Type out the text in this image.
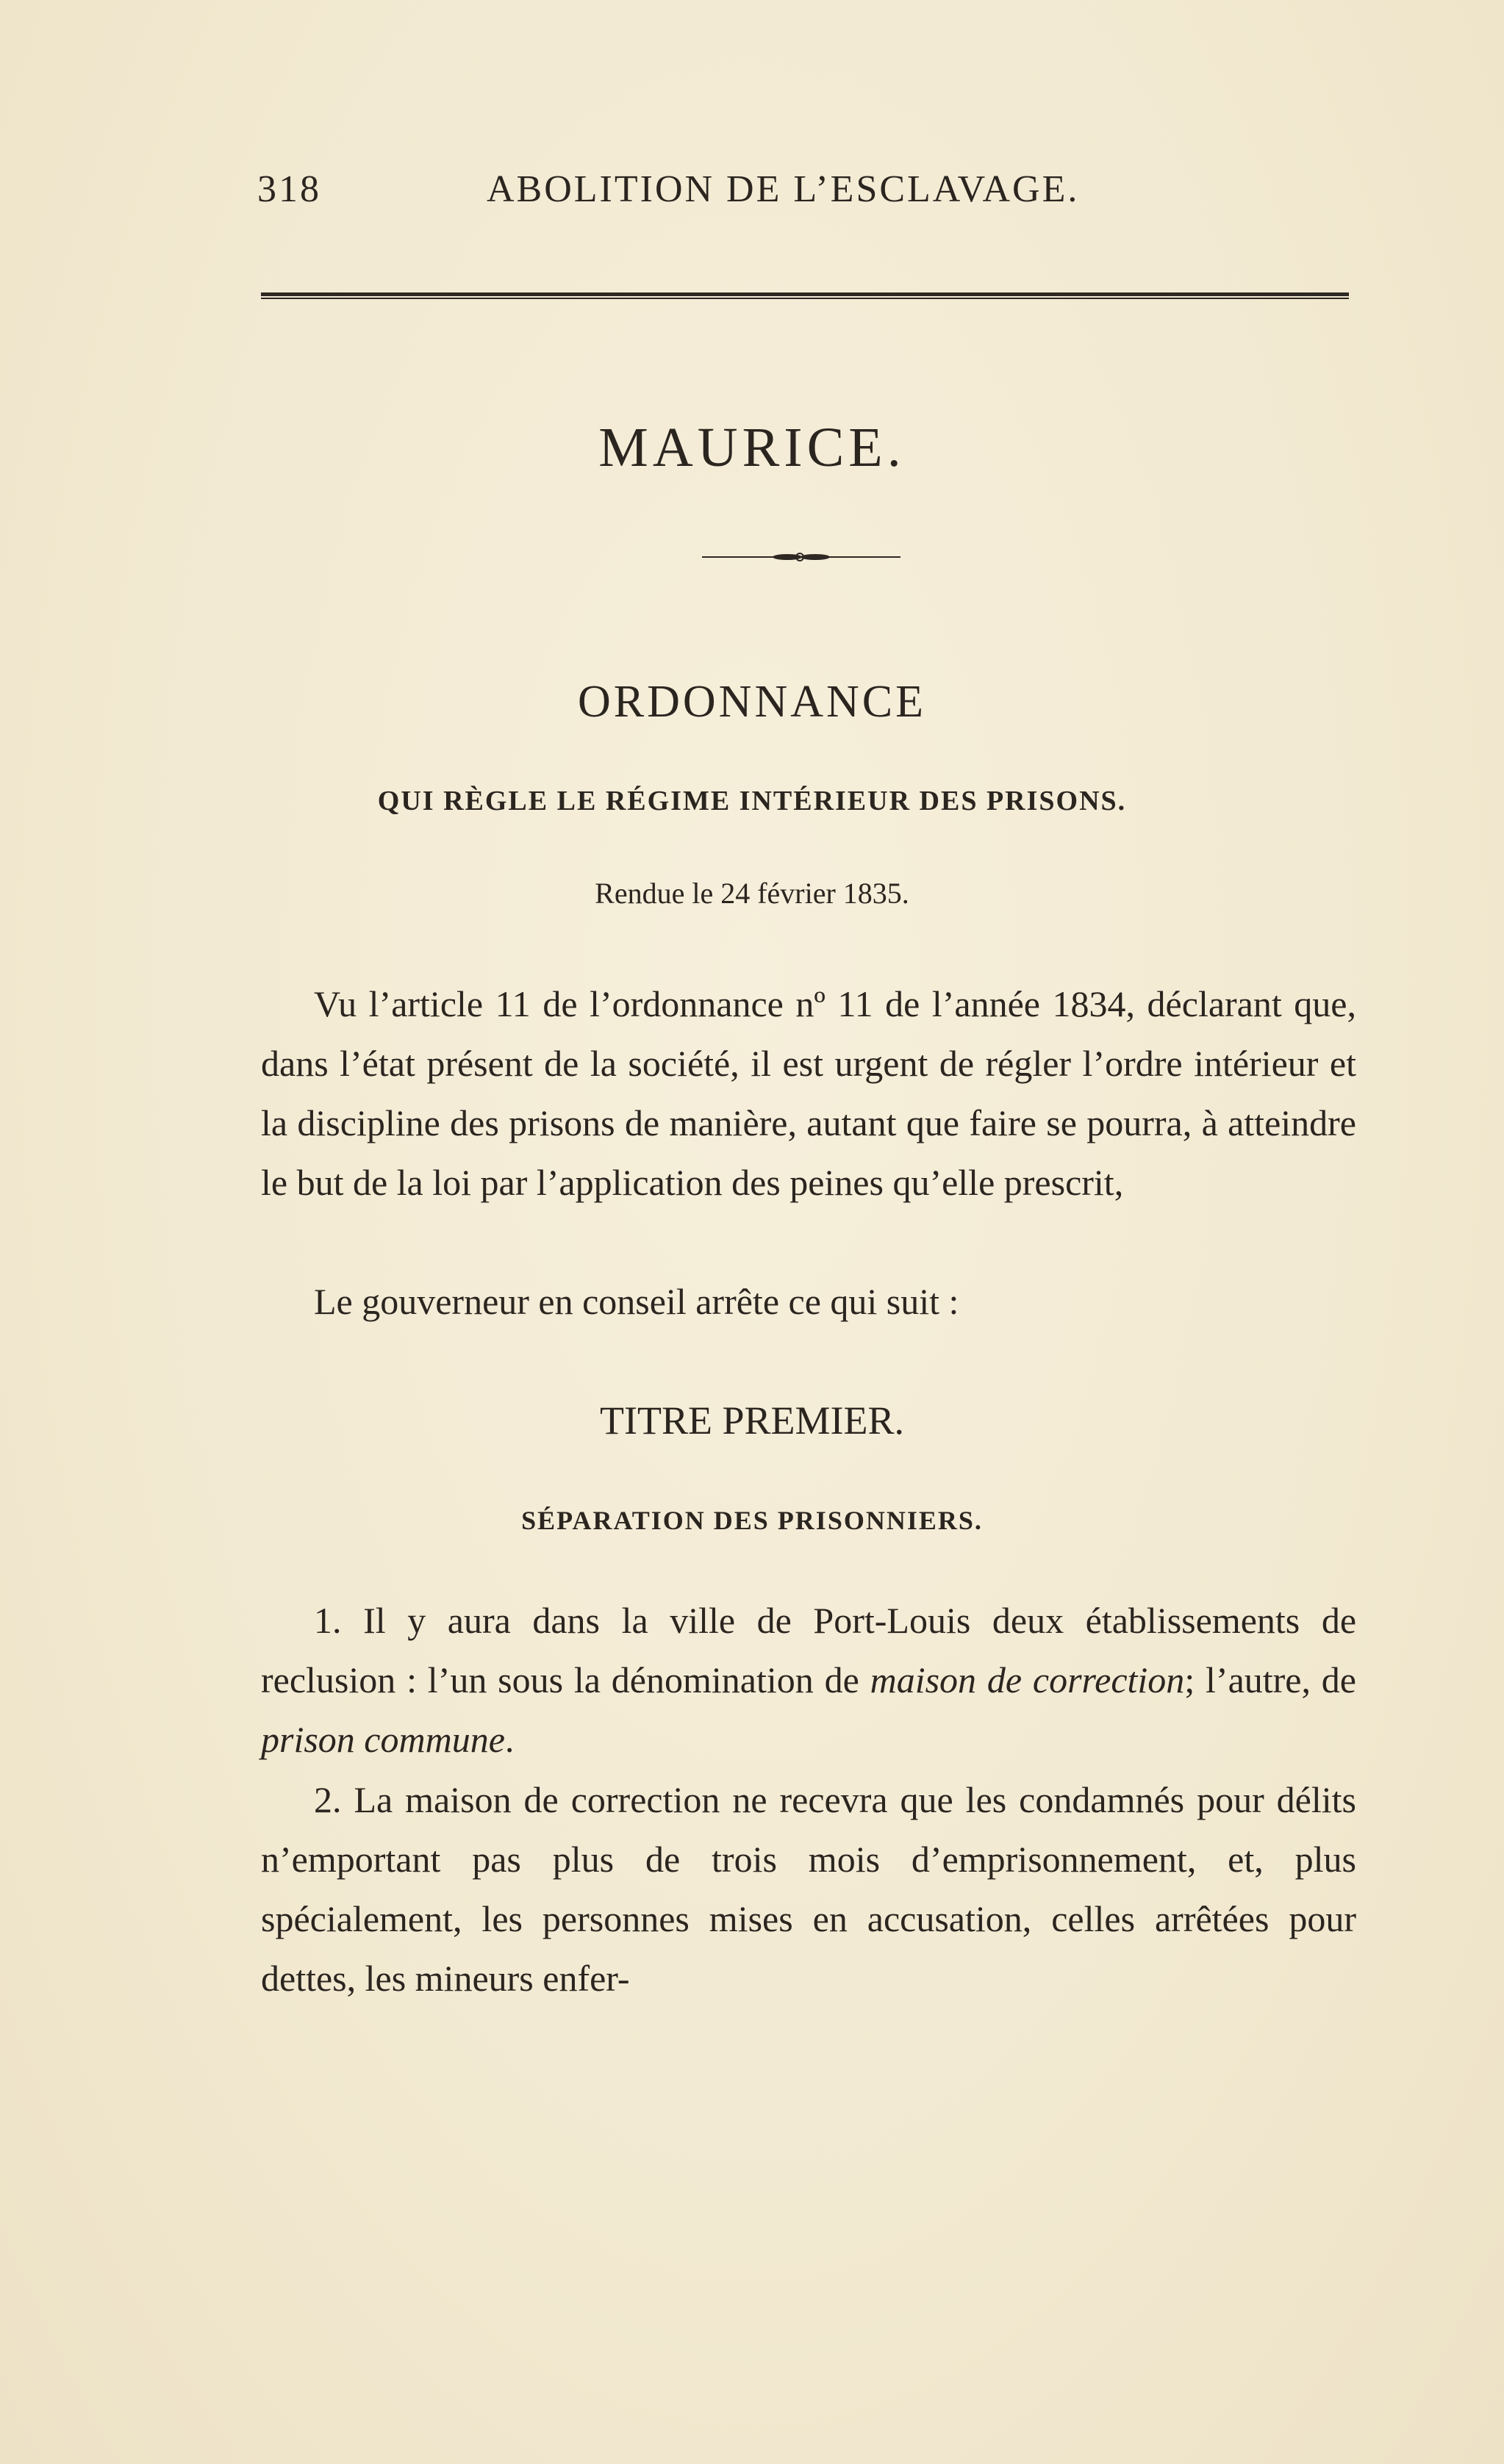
318	ABOLITION DE L’ESCLAVAGE.
MAURICE.
ORDONNANCE
QUI RÈGLE LE RÉGIME INTÉRIEUR DES PRISONS.
Rendue le 24 février 1835.

Vu l’article 11 de l’ordonnance nº 11 de l’année 1834, déclarant que, dans l’état présent de la société, il est urgent de régler l’ordre intérieur et la discipline des prisons de manière, autant que faire se pourra, à atteindre le but de la loi par l’application des peines qu’elle prescrit,

Le gouverneur en conseil arrête ce qui suit :

TITRE PREMIER.
SÉPARATION DES PRISONNIERS.

1. Il y aura dans la ville de Port-Louis deux établissements de reclusion : l’un sous la dénomination de maison de correction; l’autre, de prison commune.

2. La maison de correction ne recevra que les condamnés pour délits n’emportant pas plus de trois mois d’emprisonnement, et, plus spécialement, les personnes mises en accusation, celles arrêtées pour dettes, les mineurs enfer-
